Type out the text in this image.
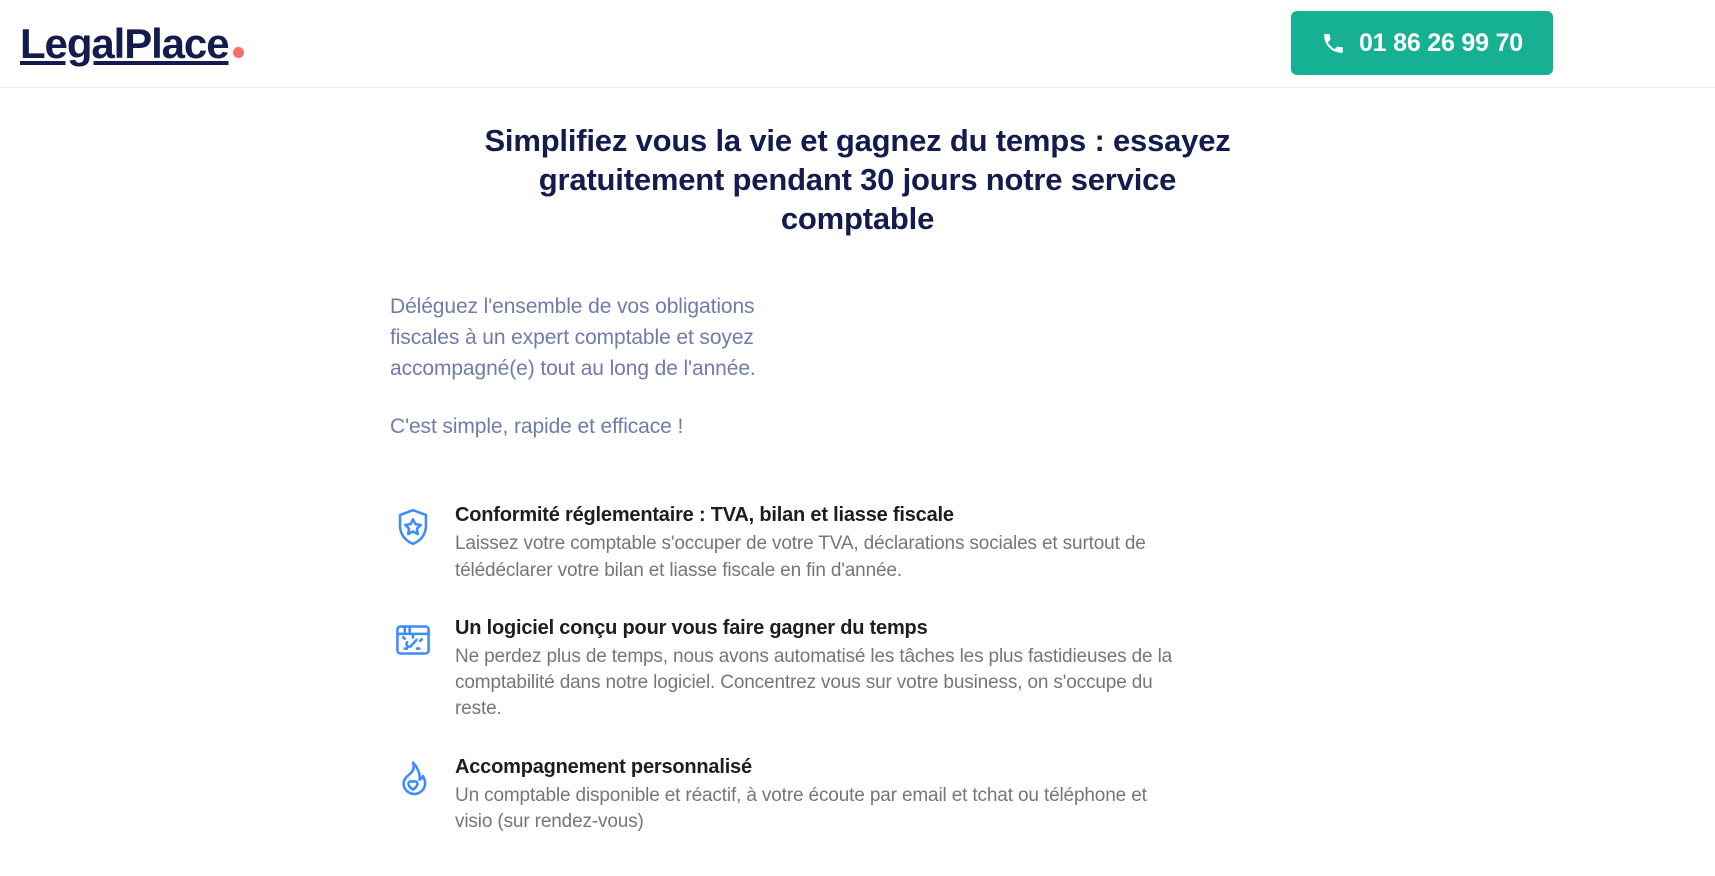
LegalPlace	01 86 26 99 70
Simplifiez vous la vie et gagnez du temps : essayez gratuitement pendant 30 jours notre service comptable

Déléguez l'ensemble de vos obligations fiscales à un expert comptable et soyez accompagné(e) tout au long de l'année.

C'est simple, rapide et efficace !

Conformité réglementaire : TVA, bilan et liasse fiscale

Laissez votre comptable s'occuper de votre TVA, déclarations sociales et surtout de télédéclarer votre bilan et liasse fiscale en fin d'année.

Un logiciel conçu pour vous faire gagner du temps

Ne perdez plus de temps, nous avons automatisé les tâches les plus fastidieuses de la comptabilité dans notre logiciel. Concentrez vous sur votre business, on s'occupe du reste.

Accompagnement personnalisé

Un comptable disponible et réactif, à votre écoute par email et tchat ou téléphone et visio (sur rendez-vous)
